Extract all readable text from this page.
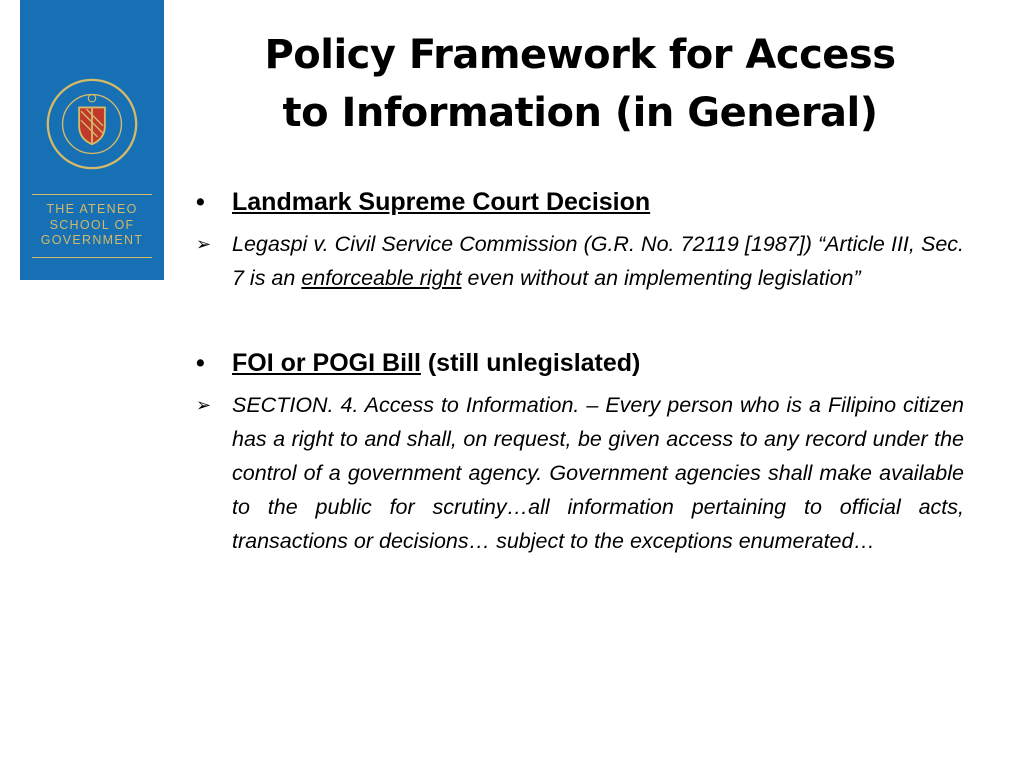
THE ATENEO
SCHOOL OF
GOVERNMENT
Policy Framework for Access
to Information (in General)
•	Landmark Supreme Court Decision
➢ Legaspi v. Civil Service Commission (G.R. No. 72119 [1987]) “Article III, Sec. 7 is an enforceable right even without an implementing legislation”
•	FOI or POGI Bill (still unlegislated)
➢ SECTION. 4. Access to Information. – Every person who is a Filipino citizen has a right to and shall, on request, be given access to any record under the control of a government agency. Government agencies shall make available to the public for scrutiny…all information pertaining to official acts, transactions or decisions… subject to the exceptions enumerated…
